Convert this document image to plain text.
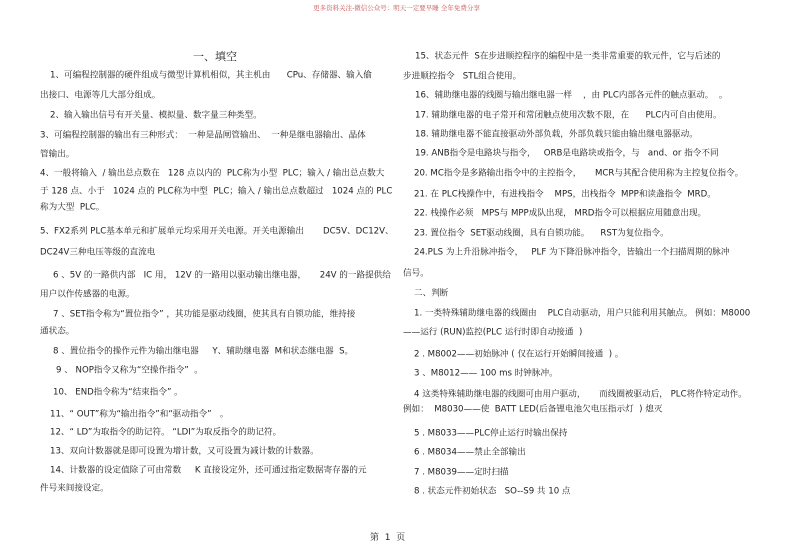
更多资料关注-微信公众号：明天一定要早睡 全年免费分享
一、填空
1、可编程控制器的硬件组成与微型计算机相似，其主机由      CPu、存储器、输入偷
出接口、电源等几大部分组成。
2、输入输出信号有开关量、模拟量、数字量三种类型。
3、可编程控制器的输出有三种形式：  一种是晶闸管输出、  一种是继电器输出、晶体
管输出。
4、一般将输入  / 输出总点数在   128 点以内的  PLC称为小型  PLC；输入 / 输出总点数大
于 128 点、小于   1024 点的 PLC称为中型  PLC；输入 / 输出总点数超过   1024 点的 PLC
称为大型  PLC。
5、FX2系列 PLC基本单元和扩展单元均采用开关电源。开关电源输出       DC5V、DC12V、
DC24V三种电压等级的直流电
6 、5V 的一路供内部   IC 用， 12V 的一路用以驱动输出继电器，     24V 的一路提供给
用户以作传感器的电源。
7 、SET指令称为“置位指令” ，其功能是驱动线圈，使其具有自锁功能，维持接
通状态。
8 、置位指令的操作元件为输出继电器     Y、辅助继电器  M和状态继电器  S。
9 、 NOP指令又称为“空操作指令”  。
10、 END指令称为“结束指令” 。
11、“ OUT”称为“输出指令”和“驱动指令”   。
12、“ LD”为取指令的助记符。 “LDI”为取反指令的助记符。
13、双向计数器就是即可设置为增计数，又可设置为减计数的计数器。
14、计数器的设定值除了可由常数     K 直接设定外，还可通过指定数据寄存器的元
件号来间接设定。
15、状态元件  S在步进顺控程序的编程中是一类非常重要的软元件，它与后述的
步进顺控指令   STL组合使用。
16、辅助继电器的线圈与输出继电器一样    ，由 PLC内部各元件的触点驱动。  。
17. 辅助继电器的电子常开和常闭触点使用次数不限，在      PLC内可自由使用。
18. 辅助继电器不能直接驱动外部负载，外部负载只能由输出继电器驱动。
19. ANB指令是电路块与指令，   ORB是电路块或指令，与   and、or 指令不同
20. MC指令是多路输出指令中的主控指令，     MCR与其配合使用称为主控复位指令。
21. 在 PLC栈操作中，有进栈指令    MPS，出栈指令  MPP和读盏指令  MRD。
22. 栈操作必须   MPS与 MPP成队出现， MRD指令可以根据应用随意出现。
23. 置位指令  SET驱动线圈，具有自锁功能。    RST为复位指令。
24.PLS 为上升沿脉冲指令，   PLF 为下降沿脉冲指令，皆输出一个扫描周期的脉冲
信号。
二、判断
1. 一类特殊辅助继电器的线圈由    PLC自动驱动，用户只能利用其触点。 例如：M8000
——运行 (RUN)监控(PLC 运行时即自动接通  )
2 . M8002——初始脉冲 ( 仅在运行开始瞬间接通  ) 。
3 、M8012—— 100 ms 时钟脉冲。
4 这类特殊辅助继电器的线圈可由用户驱动，     而线圈被驱动后， PLC将作特定动作。
例如：  M8030——使  BATT LED(后备锂电池欠电压指示灯  ) 熄灭
5 . M8033——PLC停止运行时输出保持
6 . M8034——禁止全部输出
7 . M8039——定时扫描
8 . 状态元件初始状态   SO--S9 共 10 点
第  1  页
